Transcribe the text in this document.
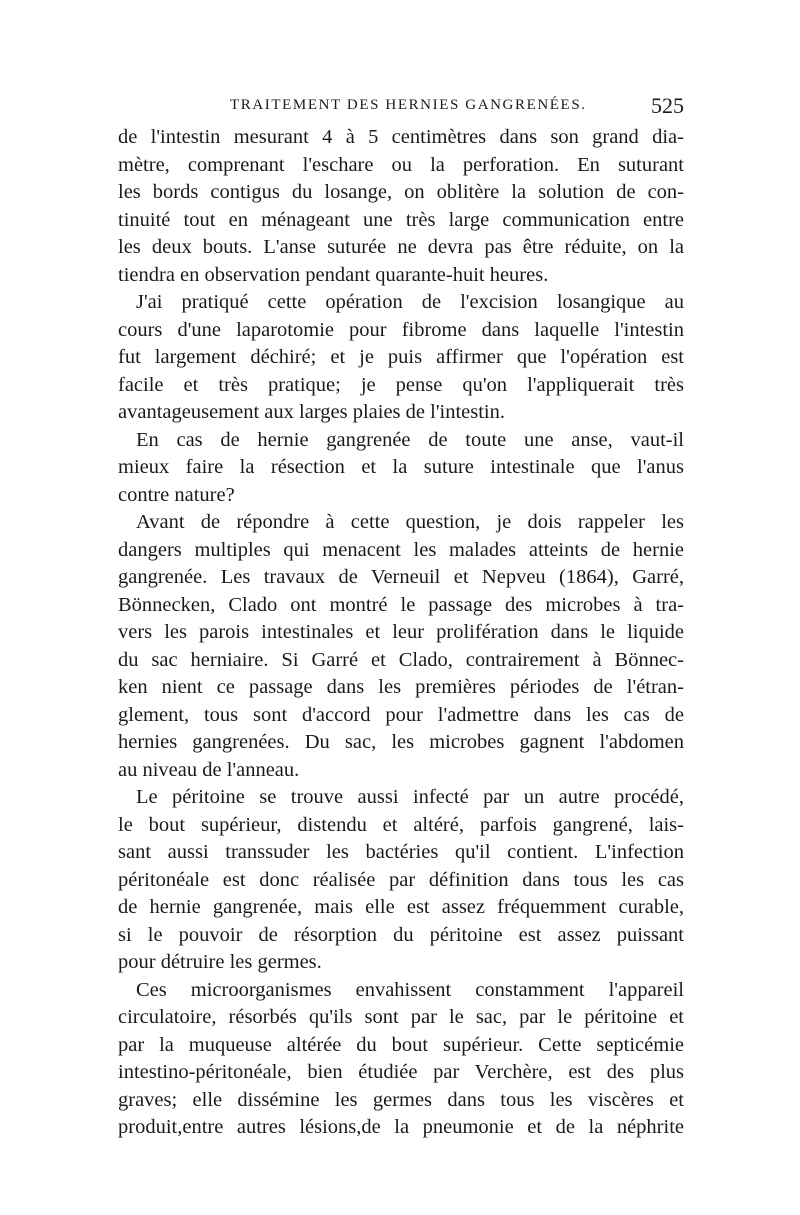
TRAITEMENT DES HERNIES GANGRENÉES.	525
de l'intestin mesurant 4 à 5 centimètres dans son grand dia-
mètre, comprenant l'eschare ou la perforation. En suturant
les bords contigus du losange, on oblitère la solution de con-
tinuité tout en ménageant une très large communication entre
les deux bouts. L'anse suturée ne devra pas être réduite, on la
tiendra en observation pendant quarante-huit heures.
J'ai pratiqué cette opération de l'excision losangique au
cours d'une laparotomie pour fibrome dans laquelle l'intestin
fut largement déchiré; et je puis affirmer que l'opération est
facile et très pratique; je pense qu'on l'appliquerait très
avantageusement aux larges plaies de l'intestin.
En cas de hernie gangrenée de toute une anse, vaut-il
mieux faire la résection et la suture intestinale que l'anus
contre nature?
Avant de répondre à cette question, je dois rappeler les
dangers multiples qui menacent les malades atteints de hernie
gangrenée. Les travaux de Verneuil et Nepveu (1864), Garré,
Bönnecken, Clado ont montré le passage des microbes à tra-
vers les parois intestinales et leur prolifération dans le liquide
du sac herniaire. Si Garré et Clado, contrairement à Bönnec-
ken nient ce passage dans les premières périodes de l'étran-
glement, tous sont d'accord pour l'admettre dans les cas de
hernies gangrenées. Du sac, les microbes gagnent l'abdomen
au niveau de l'anneau.
Le péritoine se trouve aussi infecté par un autre procédé,
le bout supérieur, distendu et altéré, parfois gangrené, lais-
sant aussi transsuder les bactéries qu'il contient. L'infection
péritonéale est donc réalisée par définition dans tous les cas
de hernie gangrenée, mais elle est assez fréquemment curable,
si le pouvoir de résorption du péritoine est assez puissant
pour détruire les germes.
Ces microorganismes envahissent constamment l'appareil
circulatoire, résorbés qu'ils sont par le sac, par le péritoine et
par la muqueuse altérée du bout supérieur. Cette septicémie
intestino-péritonéale, bien étudiée par Verchère, est des plus
graves; elle dissémine les germes dans tous les viscères et
produit,entre autres lésions,de la pneumonie et de la néphrite
